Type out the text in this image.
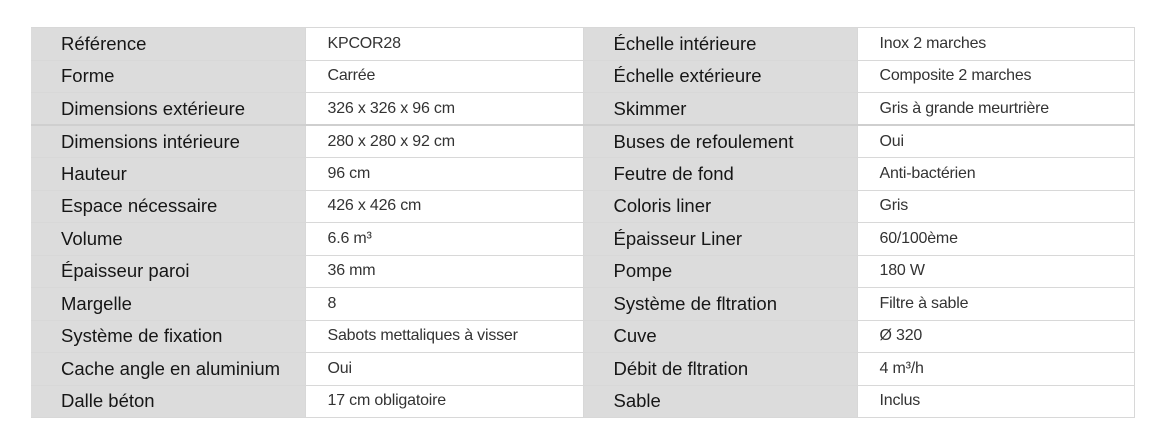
Référence	KPCOR28	Échelle intérieure	Inox 2 marches
Forme	Carrée	Échelle extérieure	Composite 2 marches
Dimensions extérieure	326 x 326 x 96 cm	Skimmer	Gris à grande meurtrière
Dimensions intérieure	280 x 280 x 92 cm	Buses de refoulement	Oui
Hauteur	96 cm	Feutre de fond	Anti-bactérien
Espace nécessaire	426 x 426 cm	Coloris liner	Gris
Volume	6.6 m³	Épaisseur Liner	60/100ème
Épaisseur paroi	36 mm	Pompe	180 W
Margelle	8	Système de fltration	Filtre à sable
Système de fixation	Sabots mettaliques à visser	Cuve	Ø 320
Cache angle en aluminium	Oui	Débit de fltration	4 m³/h
Dalle béton	17 cm obligatoire	Sable	Inclus
